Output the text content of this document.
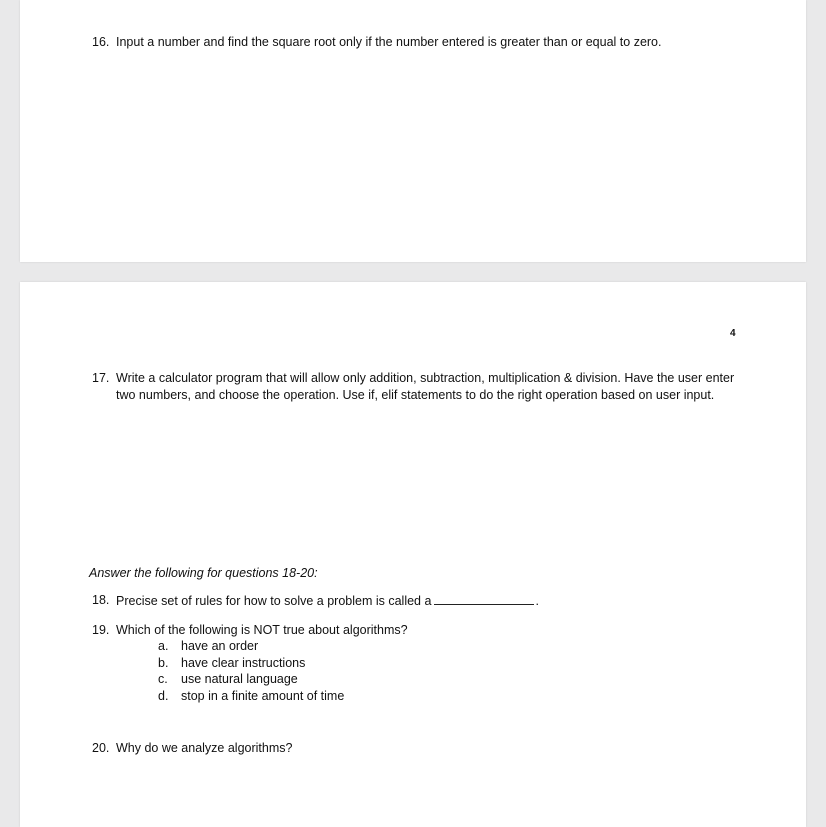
16. Input a number and find the square root only if the number entered is greater than or equal to zero.
4
17. Write a calculator program that will allow only addition, subtraction, multiplication & division. Have the user enter two numbers, and choose the operation. Use if, elif statements to do the right operation based on user input.
Answer the following for questions 18-20:
18. Precise set of rules for how to solve a problem is called a	.
19. Which of the following is NOT true about algorithms?
a. have an order
b. have clear instructions
c. use natural language
d. stop in a finite amount of time
20. Why do we analyze algorithms?
